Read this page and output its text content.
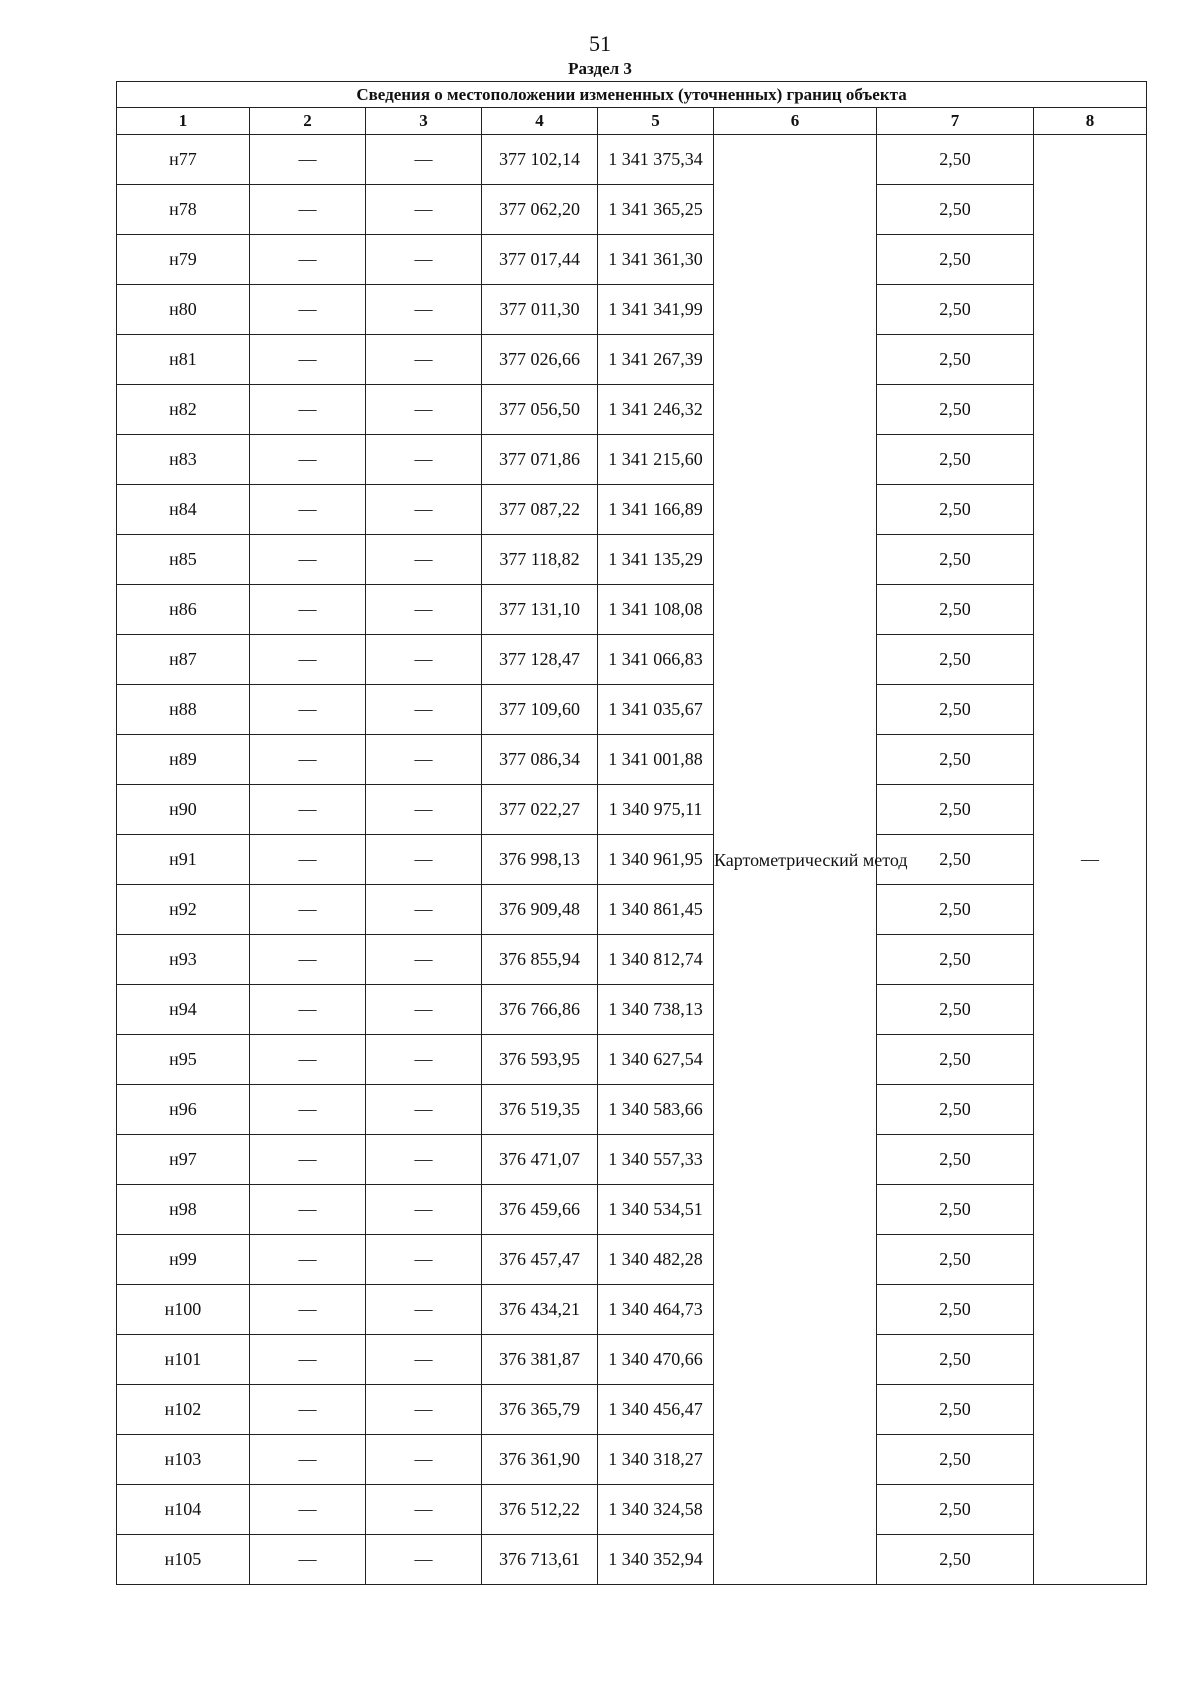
51
Раздел 3
Сведения о местоположении измененных (уточненных) границ объекта							
1	2	3	4	5	6	7	8
н77	—	—	377 102,14	1 341 375,34	Картометрический метод	2,50	—
н78	—	—	377 062,20	1 341 365,25		2,50	
н79	—	—	377 017,44	1 341 361,30		2,50	
н80	—	—	377 011,30	1 341 341,99		2,50	
н81	—	—	377 026,66	1 341 267,39		2,50	
н82	—	—	377 056,50	1 341 246,32		2,50	
н83	—	—	377 071,86	1 341 215,60		2,50	
н84	—	—	377 087,22	1 341 166,89		2,50	
н85	—	—	377 118,82	1 341 135,29		2,50	
н86	—	—	377 131,10	1 341 108,08		2,50	
н87	—	—	377 128,47	1 341 066,83		2,50	
н88	—	—	377 109,60	1 341 035,67		2,50	
н89	—	—	377 086,34	1 341 001,88		2,50	
н90	—	—	377 022,27	1 340 975,11		2,50	
н91	—	—	376 998,13	1 340 961,95		2,50	
н92	—	—	376 909,48	1 340 861,45		2,50	
н93	—	—	376 855,94	1 340 812,74		2,50	
н94	—	—	376 766,86	1 340 738,13		2,50	
н95	—	—	376 593,95	1 340 627,54		2,50	
н96	—	—	376 519,35	1 340 583,66		2,50	
н97	—	—	376 471,07	1 340 557,33		2,50	
н98	—	—	376 459,66	1 340 534,51		2,50	
н99	—	—	376 457,47	1 340 482,28		2,50	
н100	—	—	376 434,21	1 340 464,73		2,50	
н101	—	—	376 381,87	1 340 470,66		2,50	
н102	—	—	376 365,79	1 340 456,47		2,50	
н103	—	—	376 361,90	1 340 318,27		2,50	
н104	—	—	376 512,22	1 340 324,58		2,50	
н105	—	—	376 713,61	1 340 352,94		2,50	
